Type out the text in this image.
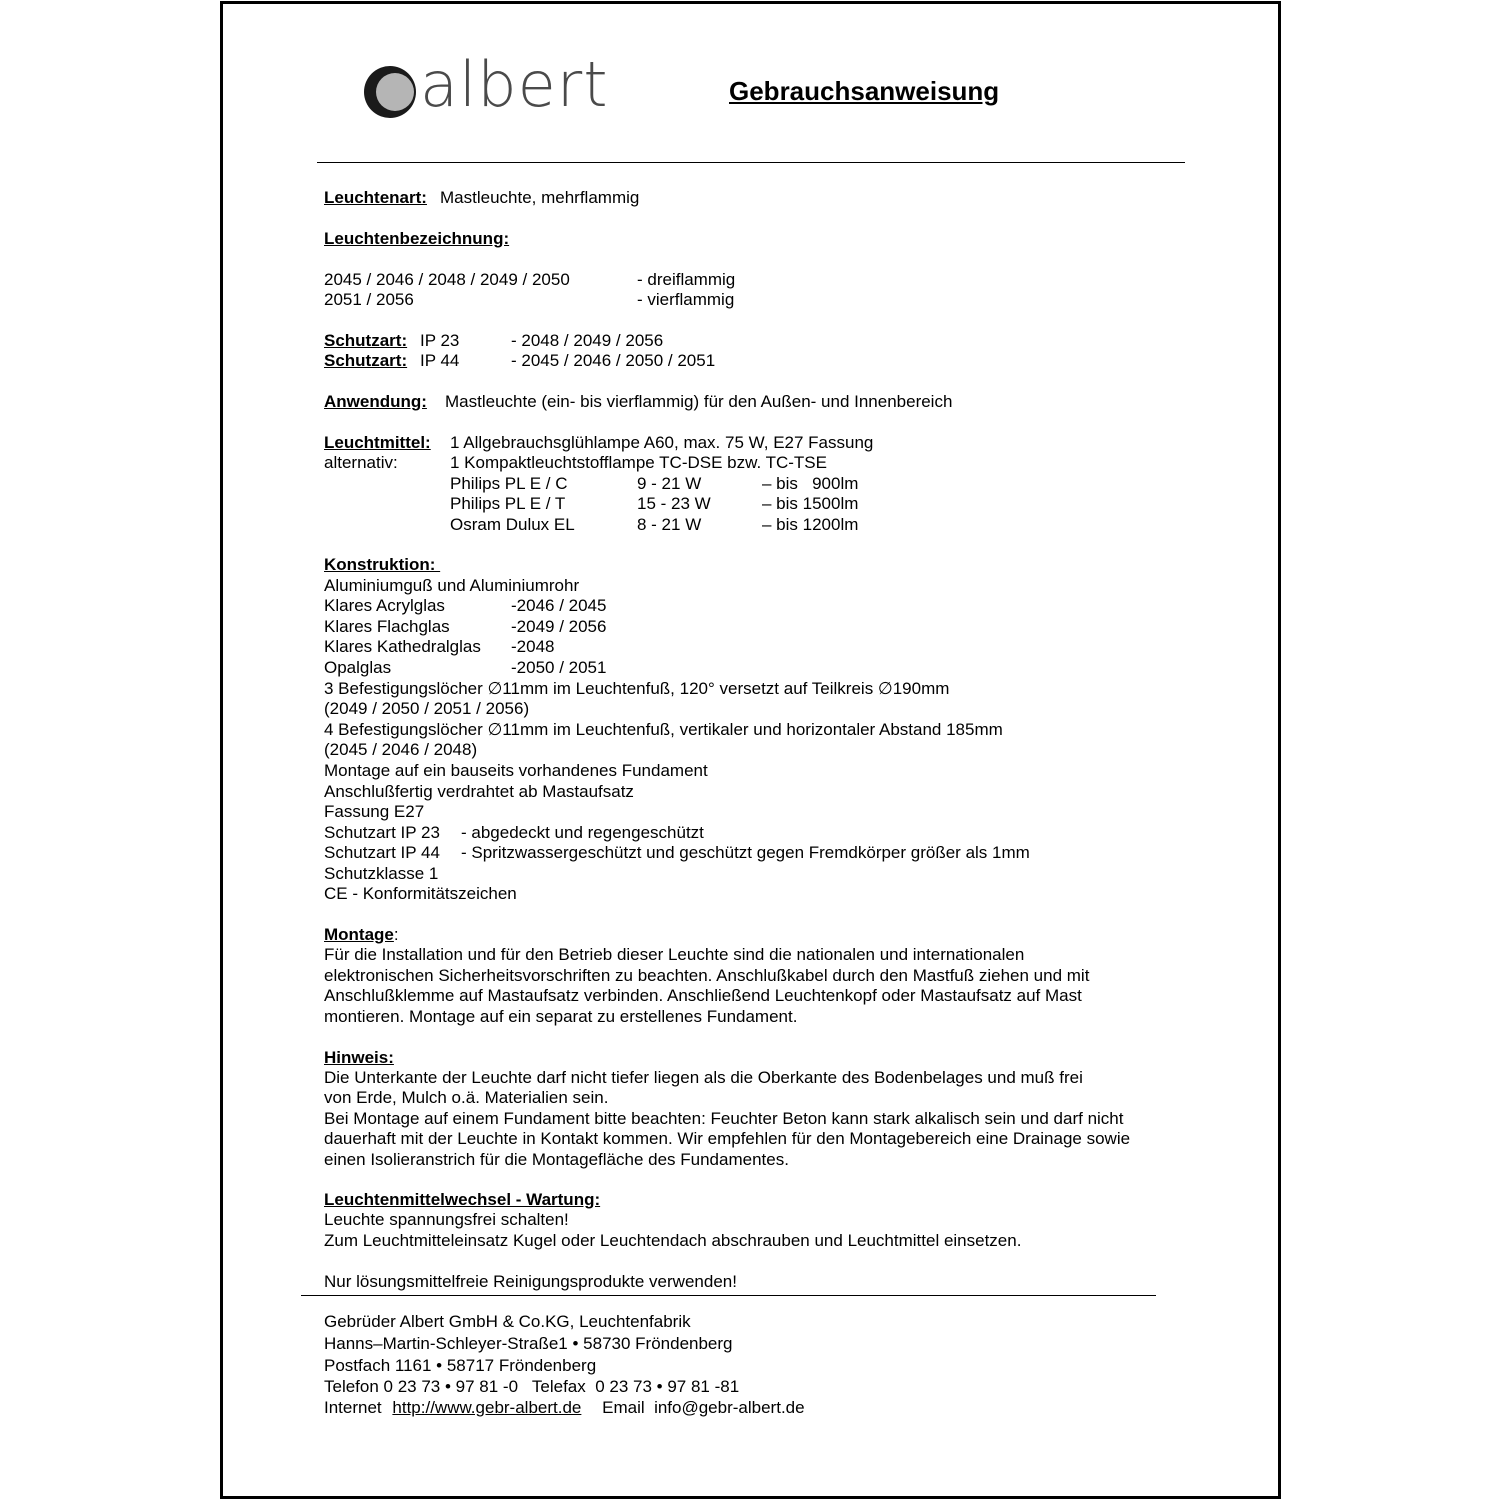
albert	Gebrauchsanweisung
Leuchtenart: Mastleuchte, mehrflammig
Leuchtenbezeichnung:
2045 / 2046 / 2048 / 2049 / 2050	- dreiflammig
2051 / 2056	- vierflammig
Schutzart: IP 23	- 2048 / 2049 / 2056
Schutzart: IP 44	- 2045 / 2046 / 2050 / 2051
Anwendung: Mastleuchte (ein- bis vierflammig) für den Außen- und Innenbereich
Leuchtmittel: 1 Allgebrauchsglühlampe A60, max. 75 W, E27 Fassung
alternativ:	1 Kompaktleuchtstofflampe TC-DSE bzw. TC-TSE
Philips PL E / C	9 - 21 W	– bis   900lm
Philips PL E / T	15 - 23 W	– bis 1500lm
Osram Dulux EL	8 - 21 W	– bis 1200lm
Konstruktion:
Aluminiumguß und Aluminiumrohr
Klares Acrylglas	-2046 / 2045
Klares Flachglas	-2049 / 2056
Klares Kathedralglas -2048
Opalglas	-2050 / 2051
3 Befestigungslöcher ∅11mm im Leuchtenfuß, 120° versetzt auf Teilkreis ∅190mm
(2049 / 2050 / 2051 / 2056)
4 Befestigungslöcher ∅11mm im Leuchtenfuß, vertikaler und horizontaler Abstand 185mm
(2045 / 2046 / 2048)
Montage auf ein bauseits vorhandenes Fundament
Anschlußfertig verdrahtet ab Mastaufsatz
Fassung E27
Schutzart IP 23 - abgedeckt und regengeschützt
Schutzart IP 44 - Spritzwassergeschützt und geschützt gegen Fremdkörper größer als 1mm
Schutzklasse 1
CE - Konformitätszeichen
Montage:
Für die Installation und für den Betrieb dieser Leuchte sind die nationalen und internationalen
elektronischen Sicherheitsvorschriften zu beachten. Anschlußkabel durch den Mastfuß ziehen und mit
Anschlußklemme auf Mastaufsatz verbinden. Anschließend Leuchtenkopf oder Mastaufsatz auf Mast
montieren. Montage auf ein separat zu erstellenes Fundament.
Hinweis:
Die Unterkante der Leuchte darf nicht tiefer liegen als die Oberkante des Bodenbelages und muß frei
von Erde, Mulch o.ä. Materialien sein.
Bei Montage auf einem Fundament bitte beachten: Feuchter Beton kann stark alkalisch sein und darf nicht
dauerhaft mit der Leuchte in Kontakt kommen. Wir empfehlen für den Montagebereich eine Drainage sowie
einen Isolieranstrich für die Montagefläche des Fundamentes.
Leuchtenmittelwechsel - Wartung:
Leuchte spannungsfrei schalten!
Zum Leuchtmitteleinsatz Kugel oder Leuchtendach abschrauben und Leuchtmittel einsetzen.
Nur lösungsmittelfreie Reinigungsprodukte verwenden!
Gebrüder Albert GmbH & Co.KG, Leuchtenfabrik
Hanns–Martin-Schleyer-Straße1 • 58730 Fröndenberg
Postfach 1161 • 58717 Fröndenberg
Telefon 0 23 73 • 97 81 -0   Telefax  0 23 73 • 97 81 -81
Internet http://www.gebr-albert.de Email  info@gebr-albert.de
